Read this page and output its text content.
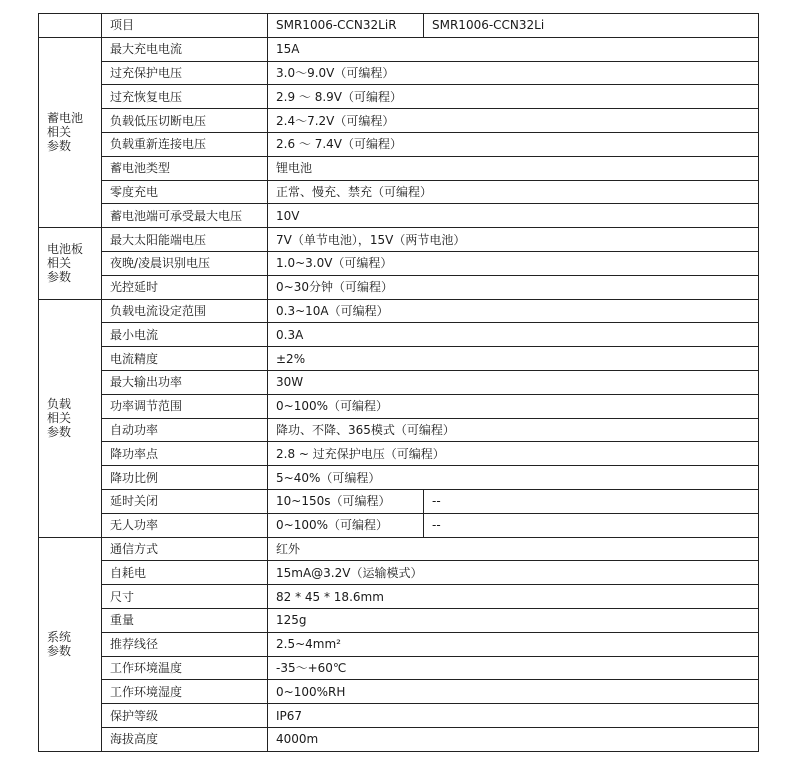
	项目	SMR1006-CCN32LiR	SMR1006-CCN32Li

蓄电池
相关
参数	最大充电电流	15A	
	过充保护电压	3.0～9.0V（可编程）	
	过充恢复电压	2.9 ～ 8.9V（可编程）	
	负载低压切断电压	2.4～7.2V（可编程）	
	负载重新连接电压	2.6 ～ 7.4V（可编程）	
	蓄电池类型	锂电池	
	零度充电	正常、慢充、禁充（可编程）	
	蓄电池端可承受最大电压	10V	

电池板
相关
参数	最大太阳能端电压	7V（单节电池），15V（两节电池）	
	夜晚/凌晨识别电压	1.0~3.0V（可编程）	
	光控延时	0~30分钟（可编程）	

负载
相关
参数	负载电流设定范围	0.3~10A（可编程）	
	最小电流	0.3A	
	电流精度	±2%	
	最大输出功率	30W	
	功率调节范围	0~100%（可编程）	
	自动功率	降功、不降、365模式（可编程）	
	降功率点	2.8 ~ 过充保护电压（可编程）	
	降功比例	5~40%（可编程）	
	延时关闭	10~150s（可编程）	--
	无人功率	0~100%（可编程）	--

系统
参数	通信方式	红外	
	自耗电	15mA@3.2V（运输模式）	
	尺寸	82 * 45 * 18.6mm	
	重量	125g	
	推荐线径	2.5~4mm²	
	工作环境温度	-35～+60℃	
	工作环境湿度	0~100%RH	
	保护等级	IP67	
	海拔高度	4000m	
